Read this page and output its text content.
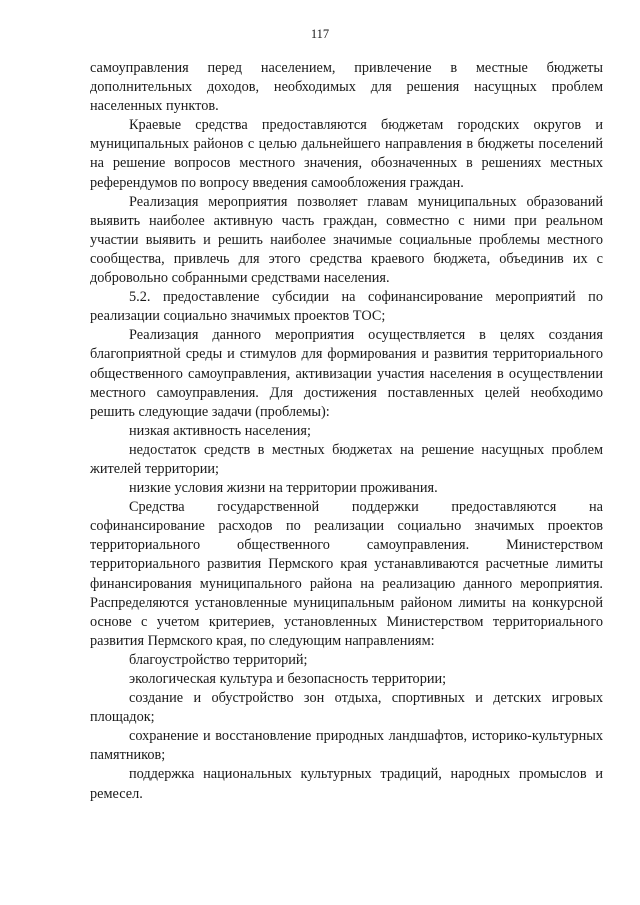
117

самоуправления перед населением, привлечение в местные бюджеты дополнительных доходов, необходимых для решения насущных проблем населенных пунктов.

Краевые средства предоставляются бюджетам городских округов и муниципальных районов с целью дальнейшего направления в бюджеты поселений на решение вопросов местного значения, обозначенных в решениях местных референдумов по вопросу введения самообложения граждан.

Реализация мероприятия позволяет главам муниципальных образований выявить наиболее активную часть граждан, совместно с ними при реальном участии выявить и решить наиболее значимые социальные проблемы местного сообщества, привлечь для этого средства краевого бюджета, объединив их с добровольно собранными средствами населения.

5.2. предоставление субсидии на софинансирование мероприятий по реализации социально значимых проектов ТОС;

Реализация данного мероприятия осуществляется в целях создания благоприятной среды и стимулов для формирования и развития территориального общественного самоуправления, активизации участия населения в осуществлении местного самоуправления. Для достижения поставленных целей необходимо решить следующие задачи (проблемы):

низкая активность населения;

недостаток средств в местных бюджетах на решение насущных проблем жителей территории;

низкие условия жизни на территории проживания.

Средства государственной поддержки предоставляются на софинансирование расходов по реализации социально значимых проектов территориального общественного самоуправления. Министерством территориального развития Пермского края устанавливаются расчетные лимиты финансирования муниципального района на реализацию данного мероприятия. Распределяются установленные муниципальным районом лимиты на конкурсной основе с учетом критериев, установленных Министерством территориального развития Пермского края, по следующим направлениям:

благоустройство территорий;

экологическая культура и безопасность территории;

создание и обустройство зон отдыха, спортивных и детских игровых площадок;

сохранение и восстановление природных ландшафтов, историко-культурных памятников;

поддержка национальных культурных традиций, народных промыслов и ремесел.
